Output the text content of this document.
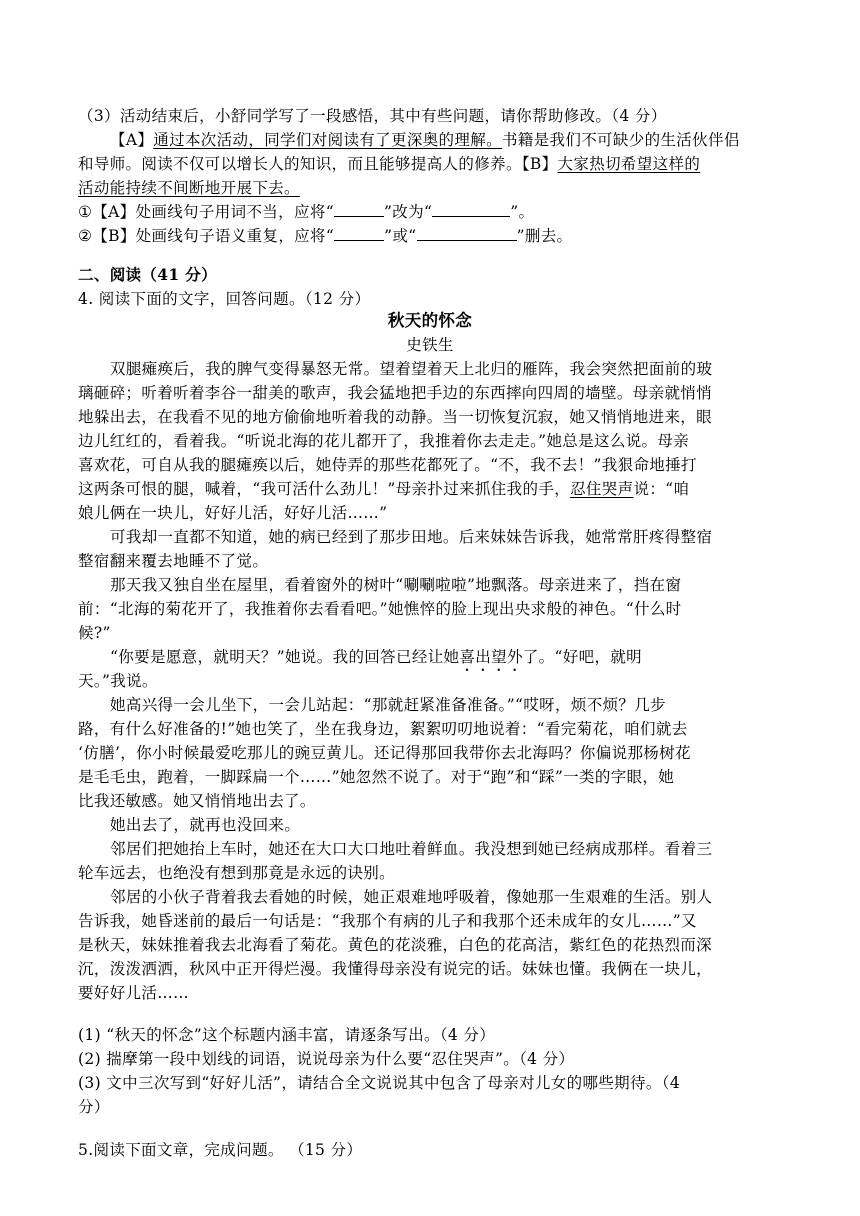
（3）活动结束后，小舒同学写了一段感悟，其中有些问题，请你帮助修改。（4 分）
【A】通过本次活动，同学们对阅读有了更深奥的理解。书籍是我们不可缺少的生活伙伴侣
和导师。阅读不仅可以增长人的知识，而且能够提高人的修养。【B】大家热切希望这样的
活动能持续不间断地开展下去。
①【A】处画线句子用词不当，应将“	”改为“	”。
②【B】处画线句子语义重复，应将“	”或“	”删去。
二、阅读（41 分）
4. 阅读下面的文字，回答问题。（12 分）
秋天的怀念
史铁生
双腿瘫痪后，我的脾气变得暴怒无常。望着望着天上北归的雁阵，我会突然把面前的玻
璃砸碎；听着听着李谷一甜美的歌声，我会猛地把手边的东西摔向四周的墙壁。母亲就悄悄
地躲出去，在我看不见的地方偷偷地听着我的动静。当一切恢复沉寂，她又悄悄地进来，眼
边儿红红的，看着我。“听说北海的花儿都开了，我推着你去走走。”她总是这么说。母亲
喜欢花，可自从我的腿瘫痪以后，她侍弄的那些花都死了。“不，我不去！”我狠命地捶打
这两条可恨的腿，喊着，“我可活什么劲儿！”母亲扑过来抓住我的手，忍住哭声说：“咱
娘儿俩在一块儿，好好儿活，好好儿活……”
可我却一直都不知道，她的病已经到了那步田地。后来妹妹告诉我，她常常肝疼得整宿
整宿翻来覆去地睡不了觉。
那天我又独自坐在屋里，看着窗外的树叶“唰唰啦啦”地飘落。母亲进来了，挡在窗
前：“北海的菊花开了，我推着你去看看吧。”她憔悴的脸上现出央求般的神色。“什么时
候?”
“你要是愿意，就明天？”她说。我的回答已经让她喜出望外了。“好吧，就明
天。”我说。
她高兴得一会儿坐下，一会儿站起：“那就赶紧准备准备。”“哎呀，烦不烦？几步
路，有什么好准备的!”她也笑了，坐在我身边，絮絮叨叨地说着：“看完菊花，咱们就去
‘仿膳’，你小时候最爱吃那儿的豌豆黄儿。还记得那回我带你去北海吗？你偏说那杨树花
是毛毛虫，跑着，一脚踩扁一个……”她忽然不说了。对于“跑”和“踩”一类的字眼，她
比我还敏感。她又悄悄地出去了。
她出去了，就再也没回来。
邻居们把她抬上车时，她还在大口大口地吐着鲜血。我没想到她已经病成那样。看着三
轮车远去，也绝没有想到那竟是永远的诀别。
邻居的小伙子背着我去看她的时候，她正艰难地呼吸着，像她那一生艰难的生活。别人
告诉我，她昏迷前的最后一句话是：“我那个有病的儿子和我那个还未成年的女儿……”又
是秋天，妹妹推着我去北海看了菊花。黄色的花淡雅，白色的花高洁，紫红色的花热烈而深
沉，泼泼洒洒，秋风中正开得烂漫。我懂得母亲没有说完的话。妹妹也懂。我俩在一块儿，
要好好儿活……
(1) “秋天的怀念”这个标题内涵丰富，请逐条写出。（4 分）
(2) 揣摩第一段中划线的词语，说说母亲为什么要“忍住哭声”。（4 分）
(3) 文中三次写到“好好儿活”，请结合全文说说其中包含了母亲对儿女的哪些期待。（4
分）
5.阅读下面文章，完成问题。 （15 分）
